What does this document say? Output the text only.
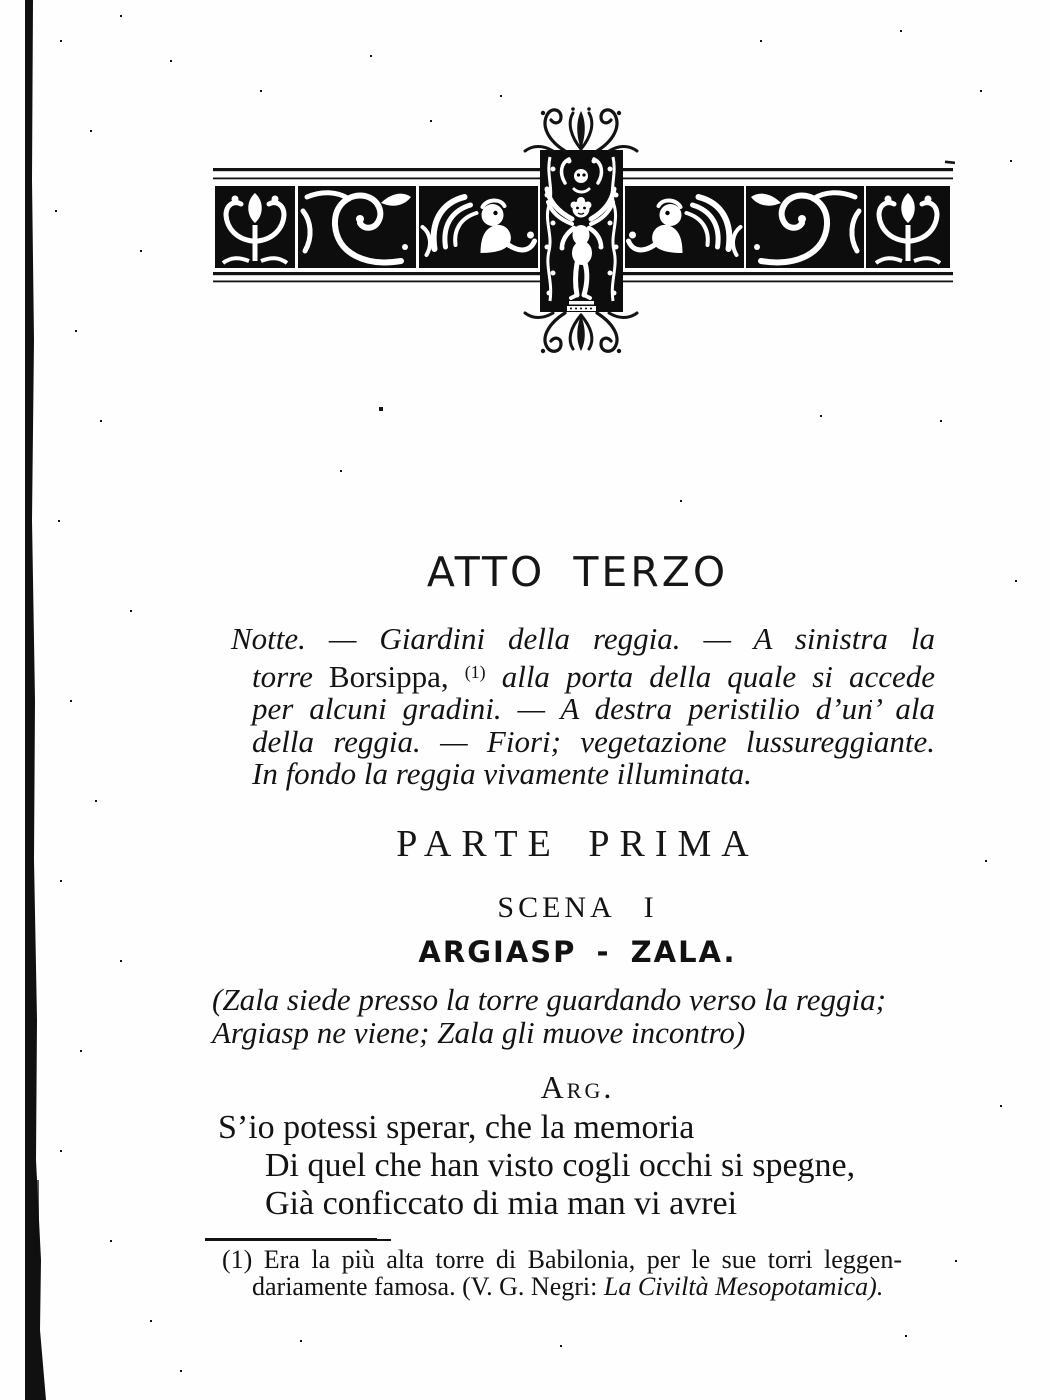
ATTO TERZO
Notte. — Giardini della reggia. — A sinistra la
torre Borsippa, $^{(1)}$ alla porta della quale si accede
per alcuni gradini. — A destra peristilio d’un’ ala
della reggia. — Fiori; vegetazione lussureggiante.
In fondo la reggia vivamente illuminata.
PARTE PRIMA
SCENA I
ARGIASP - ZALA.
(Zala siede presso la torre guardando verso la reggia;
Argiasp ne viene; Zala gli muove incontro)
Arg.
S’io potessi sperar, che la memoria
Di quel che han visto cogli occhi si spegne,
Già conficcato di mia man vi avrei
(1) Era la più alta torre di Babilonia, per le sue torri leggen-
dariamente famosa. (V. G. Negri: La Civiltà Mesopotamica).
